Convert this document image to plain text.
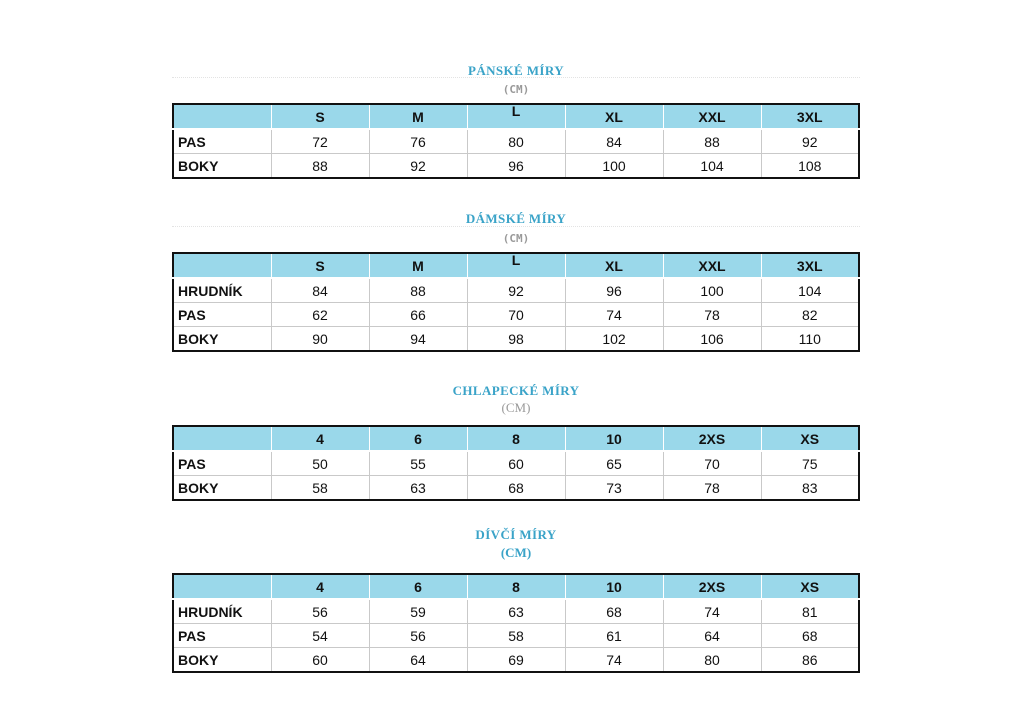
PÁNSKÉ MÍRY
(CM)
	S	M	L	XL	XXL	3XL
PAS	72	76	80	84	88	92
BOKY	88	92	96	100	104	108
DÁMSKÉ MÍRY
(CM)
	S	M	L	XL	XXL	3XL
HRUDNÍK	84	88	92	96	100	104
PAS	62	66	70	74	78	82
BOKY	90	94	98	102	106	110
CHLAPECKÉ MÍRY
(CM)
	4	6	8	10	2XS	XS
PAS	50	55	60	65	70	75
BOKY	58	63	68	73	78	83
DÍVČÍ MÍRY
(CM)
	4	6	8	10	2XS	XS
HRUDNÍK	56	59	63	68	74	81
PAS	54	56	58	61	64	68
BOKY	60	64	69	74	80	86
